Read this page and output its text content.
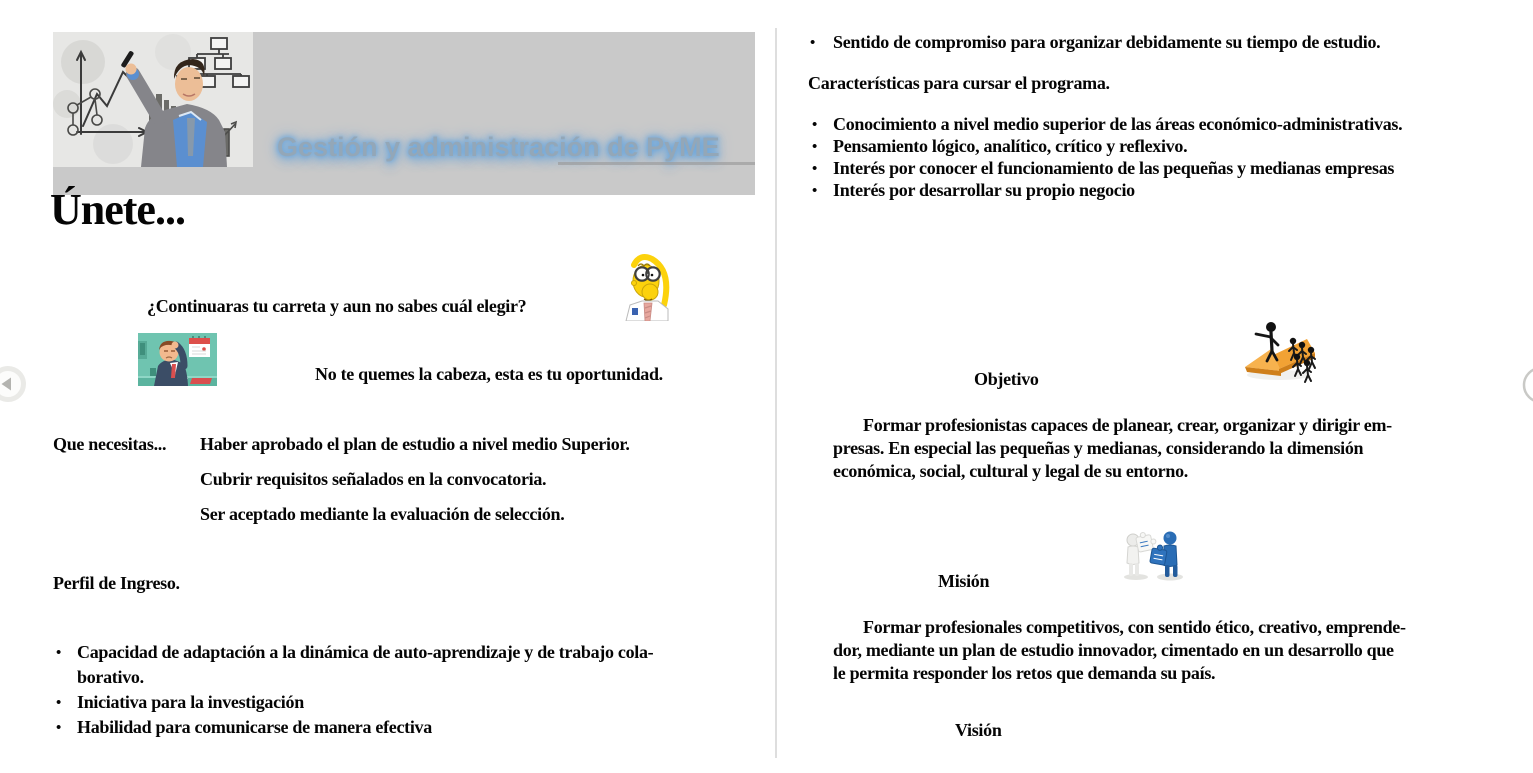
Gestión y administración de PyME
Únete...
¿Continuaras tu carreta y aun no sabes cuál elegir?
No te quemes la cabeza, esta es tu oportunidad.
Que necesitas... Haber aprobado el plan de estudio a nivel medio Superior.
Cubrir requisitos señalados en la convocatoria.
Ser aceptado mediante la evaluación de selección.
Perfil de Ingreso.
• Capacidad de adaptación a la dinámica de auto-aprendizaje y de trabajo cola-
borativo.
• Iniciativa para la investigación
• Habilidad para comunicarse de manera efectiva
• Sentido de compromiso para organizar debidamente su tiempo de estudio.
Características para cursar el programa.
• Conocimiento a nivel medio superior de las áreas económico-administrativas.
• Pensamiento lógico, analítico, crítico y reflexivo.
• Interés por conocer el funcionamiento de las pequeñas y medianas empresas
• Interés por desarrollar su propio negocio
Objetivo
Formar profesionistas capaces de planear, crear, organizar y dirigir em-
presas. En especial las pequeñas y medianas, considerando la dimensión
económica, social, cultural y legal de su entorno.
Misión
Formar profesionales competitivos, con sentido ético, creativo, emprende-
dor, mediante un plan de estudio innovador, cimentado en un desarrollo que
le permita responder los retos que demanda su país.
Visión
